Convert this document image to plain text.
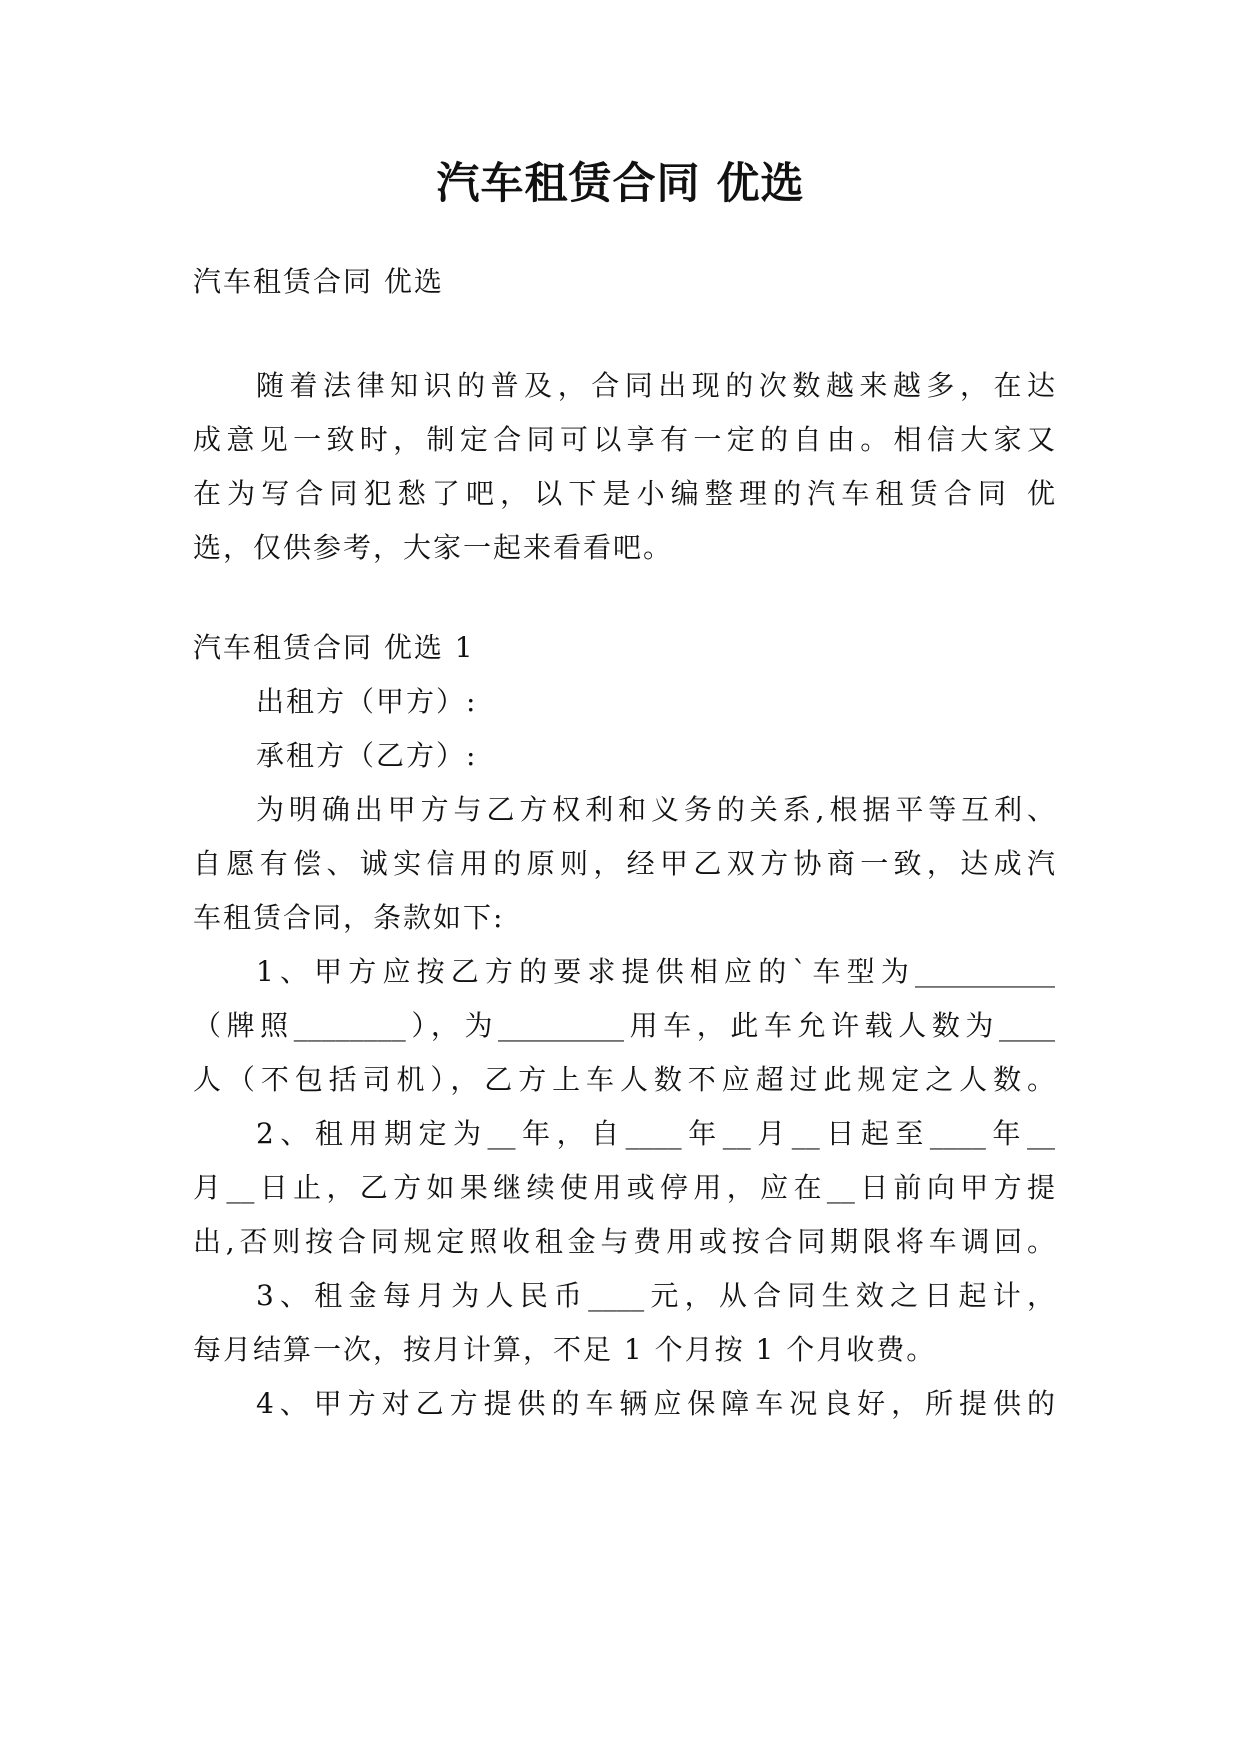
汽车租赁合同 优选
汽车租赁合同 优选
随着法律知识的普及，合同出现的次数越来越多，在达
成意见一致时，制定合同可以享有一定的自由。相信大家又
在为写合同犯愁了吧，以下是小编整理的汽车租赁合同 优
选，仅供参考，大家一起来看看吧。
汽车租赁合同 优选 1
出租方（甲方）:
承租方（乙方）:
为明确出甲方与乙方权利和义务的关系,根据平等互利、
自愿有偿、诚实信用的原则，经甲乙双方协商一致，达成汽
车租赁合同，条款如下:
1、甲方应按乙方的要求提供相应的`车型为__________
（牌照________），为_________用车，此车允许载人数为____
人（不包括司机），乙方上车人数不应超过此规定之人数。
2、租用期定为__年，自____年__月__日起至____年__
月__日止，乙方如果继续使用或停用，应在__日前向甲方提
出,否则按合同规定照收租金与费用或按合同期限将车调回。
3、租金每月为人民币____元，从合同生效之日起计，
每月结算一次，按月计算，不足 1 个月按 1 个月收费。
4、甲方对乙方提供的车辆应保障车况良好，所提供的
